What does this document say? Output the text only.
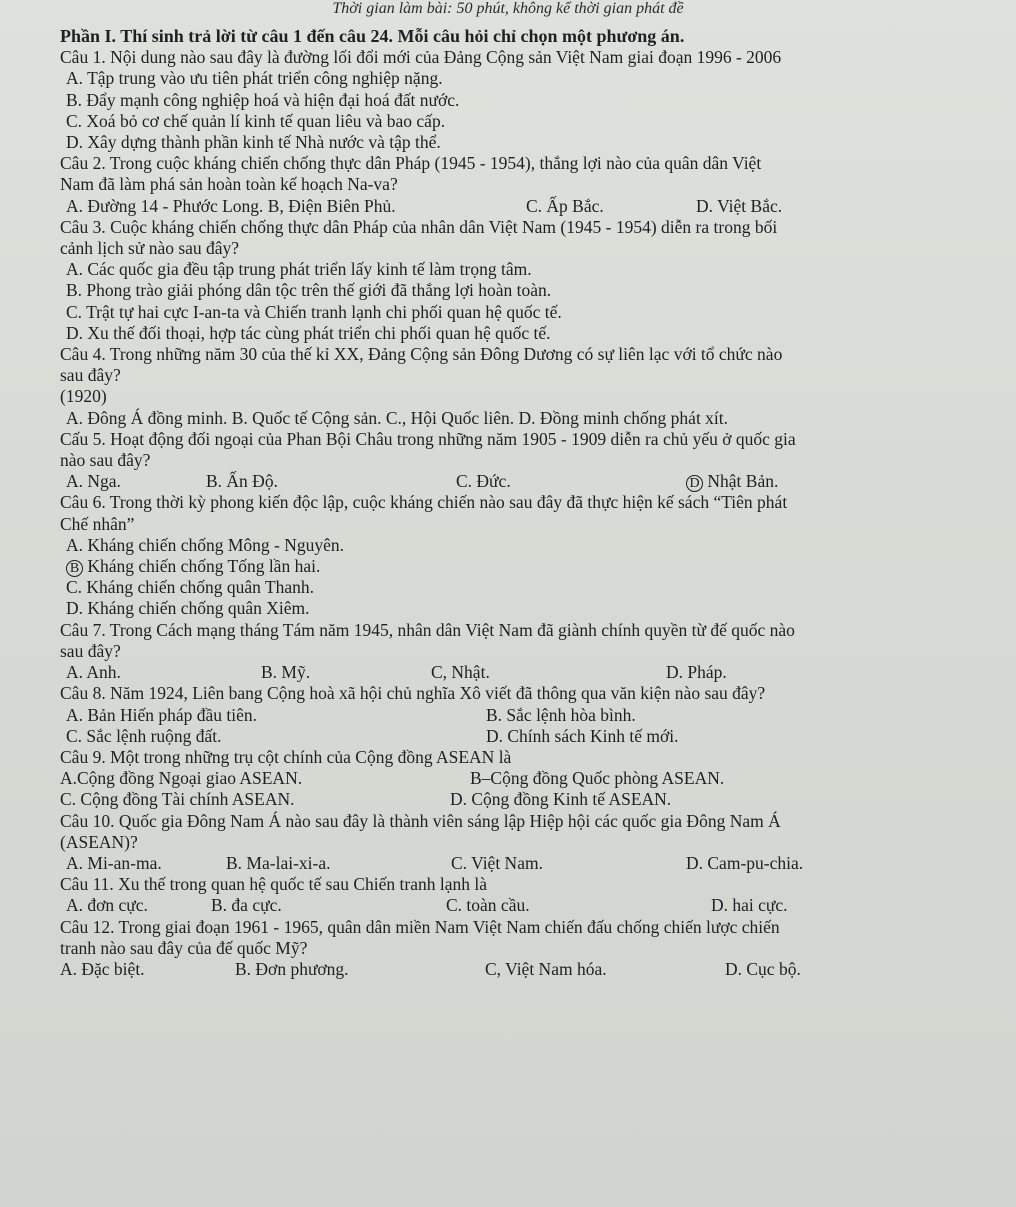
Thời gian làm bài: 50 phút, không kể thời gian phát đề
Phần I. Thí sinh trả lời từ câu 1 đến câu 24. Mỗi câu hỏi chỉ chọn một phương án.
Câu 1. Nội dung nào sau đây là đường lối đổi mới của Đảng Cộng sản Việt Nam giai đoạn 1996 - 2006
A. Tập trung vào ưu tiên phát triển công nghiệp nặng.
B. Đẩy mạnh công nghiệp hoá và hiện đại hoá đất nước.
C. Xoá bỏ cơ chế quản lí kinh tế quan liêu và bao cấp.
D. Xây dựng thành phần kinh tế Nhà nước và tập thể.
Câu 2. Trong cuộc kháng chiến chống thực dân Pháp (1945 - 1954), thắng lợi nào của quân dân Việt
Nam đã làm phá sản hoàn toàn kế hoạch Na-va?
A. Đường 14 - Phước Long. B, Điện Biên Phủ.	C. Ấp Bắc.	D. Việt Bắc.
Câu 3. Cuộc kháng chiến chống thực dân Pháp của nhân dân Việt Nam (1945 - 1954) diễn ra trong bối
cảnh lịch sử nào sau đây?
A. Các quốc gia đều tập trung phát triển lấy kinh tế làm trọng tâm.
B. Phong trào giải phóng dân tộc trên thế giới đã thắng lợi hoàn toàn.
C. Trật tự hai cực I-an-ta và Chiến tranh lạnh chi phối quan hệ quốc tế.
D. Xu thế đối thoại, hợp tác cùng phát triển chi phối quan hệ quốc tế.
Câu 4. Trong những năm 30 của thế kỉ XX, Đảng Cộng sản Đông Dương có sự liên lạc với tổ chức nào
sau đây?
(1920)
A. Đông Á đồng minh. B. Quốc tế Cộng sản. C., Hội Quốc liên. D. Đồng minh chống phát xít.
Cấu 5. Hoạt động đối ngoại của Phan Bội Châu trong những năm 1905 - 1909 diễn ra chủ yếu ở quốc gia
nào sau đây?
A. Nga.	B. Ấn Độ.	C. Đức.	D Nhật Bản.
Câu 6. Trong thời kỳ phong kiến độc lập, cuộc kháng chiến nào sau đây đã thực hiện kế sách “Tiên phát
Chế nhân”
A. Kháng chiến chống Mông - Nguyên.
B Kháng chiến chống Tống lần hai.
C. Kháng chiến chống quân Thanh.
D. Kháng chiến chống quân Xiêm.
Câu 7. Trong Cách mạng tháng Tám năm 1945, nhân dân Việt Nam đã giành chính quyền từ đế quốc nào
sau đây?
A. Anh.	B. Mỹ.	C, Nhật.	D. Pháp.
Câu 8. Năm 1924, Liên bang Cộng hoà xã hội chủ nghĩa Xô viết đã thông qua văn kiện nào sau đây?
A. Bản Hiến pháp đầu tiên.	B. Sắc lệnh hòa bình.
C. Sắc lệnh ruộng đất.	D. Chính sách Kinh tế mới.
Câu 9. Một trong những trụ cột chính của Cộng đồng ASEAN là
A.Cộng đồng Ngoại giao ASEAN.	B–Cộng đồng Quốc phòng ASEAN.
C. Cộng đồng Tài chính ASEAN.	D. Cộng đồng Kinh tế ASEAN.
Câu 10. Quốc gia Đông Nam Á nào sau đây là thành viên sáng lập Hiệp hội các quốc gia Đông Nam Á
(ASEAN)?
A. Mi-an-ma.	B. Ma-lai-xi-a.	C. Việt Nam.	D. Cam-pu-chia.
Câu 11. Xu thế trong quan hệ quốc tế sau Chiến tranh lạnh là
A. đơn cực.	B. đa cực.	C. toàn cầu.	D. hai cực.
Câu 12. Trong giai đoạn 1961 - 1965, quân dân miền Nam Việt Nam chiến đấu chống chiến lược chiến
tranh nào sau đây của đế quốc Mỹ?
A. Đặc biệt.	B. Đơn phương.	C, Việt Nam hóa.	D. Cục bộ.
